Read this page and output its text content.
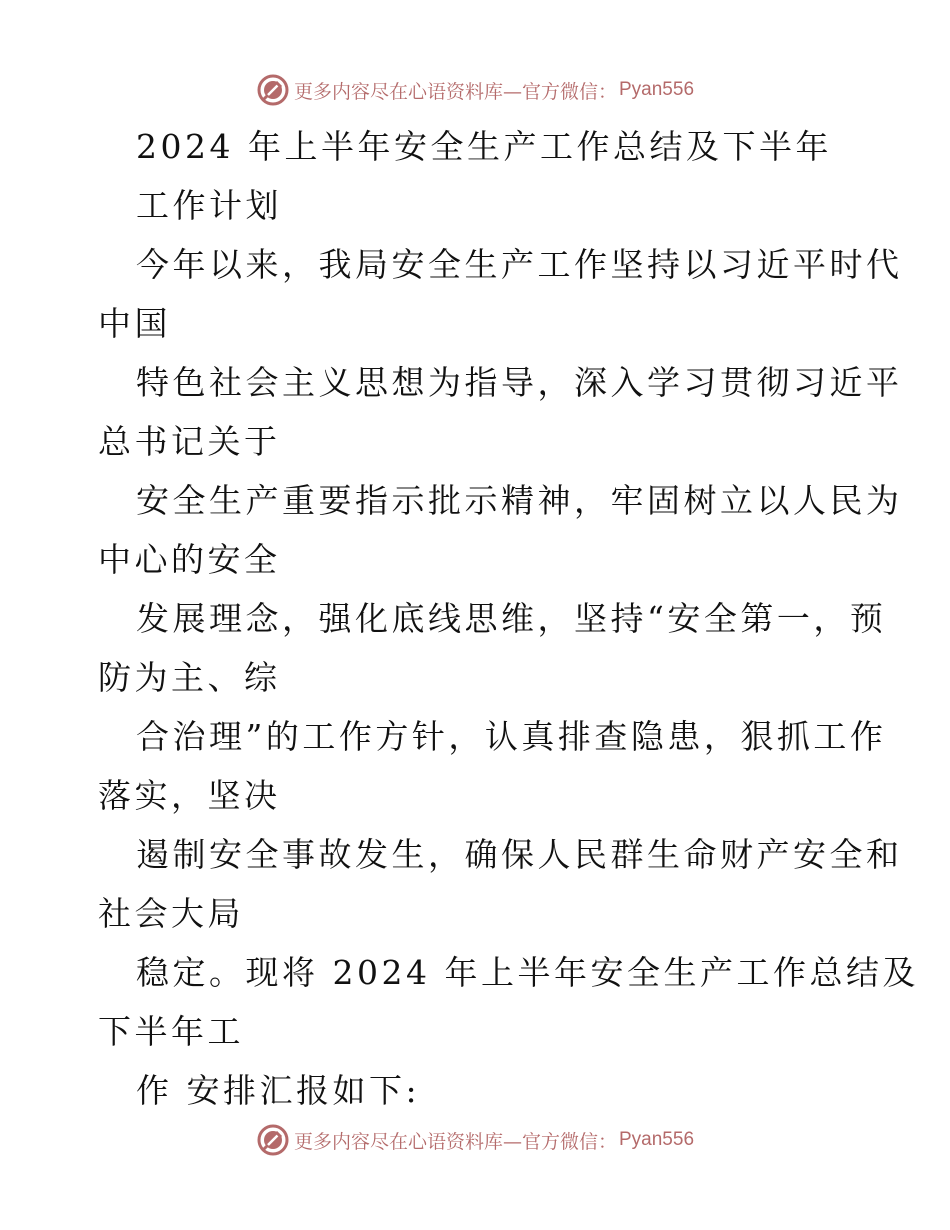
更多内容尽在心语资料库—官方微信： Pyan556
2024 年上半年安全生产工作总结及下半年
工作计划
今年以来，我局安全生产工作坚持以习近平时代
中国
特色社会主义思想为指导，深入学习贯彻习近平
总书记关于
安全生产重要指示批示精神，牢固树立以人民为
中心的安全
发展理念，强化底线思维，坚持“安全第一，预
防为主、综
合治理”的工作方针，认真排查隐患，狠抓工作
落实，坚决
遏制安全事故发生，确保人民群生命财产安全和
社会大局
稳定。现将 2024 年上半年安全生产工作总结及
下半年工
作 安排汇报如下:
更多内容尽在心语资料库—官方微信： Pyan556
